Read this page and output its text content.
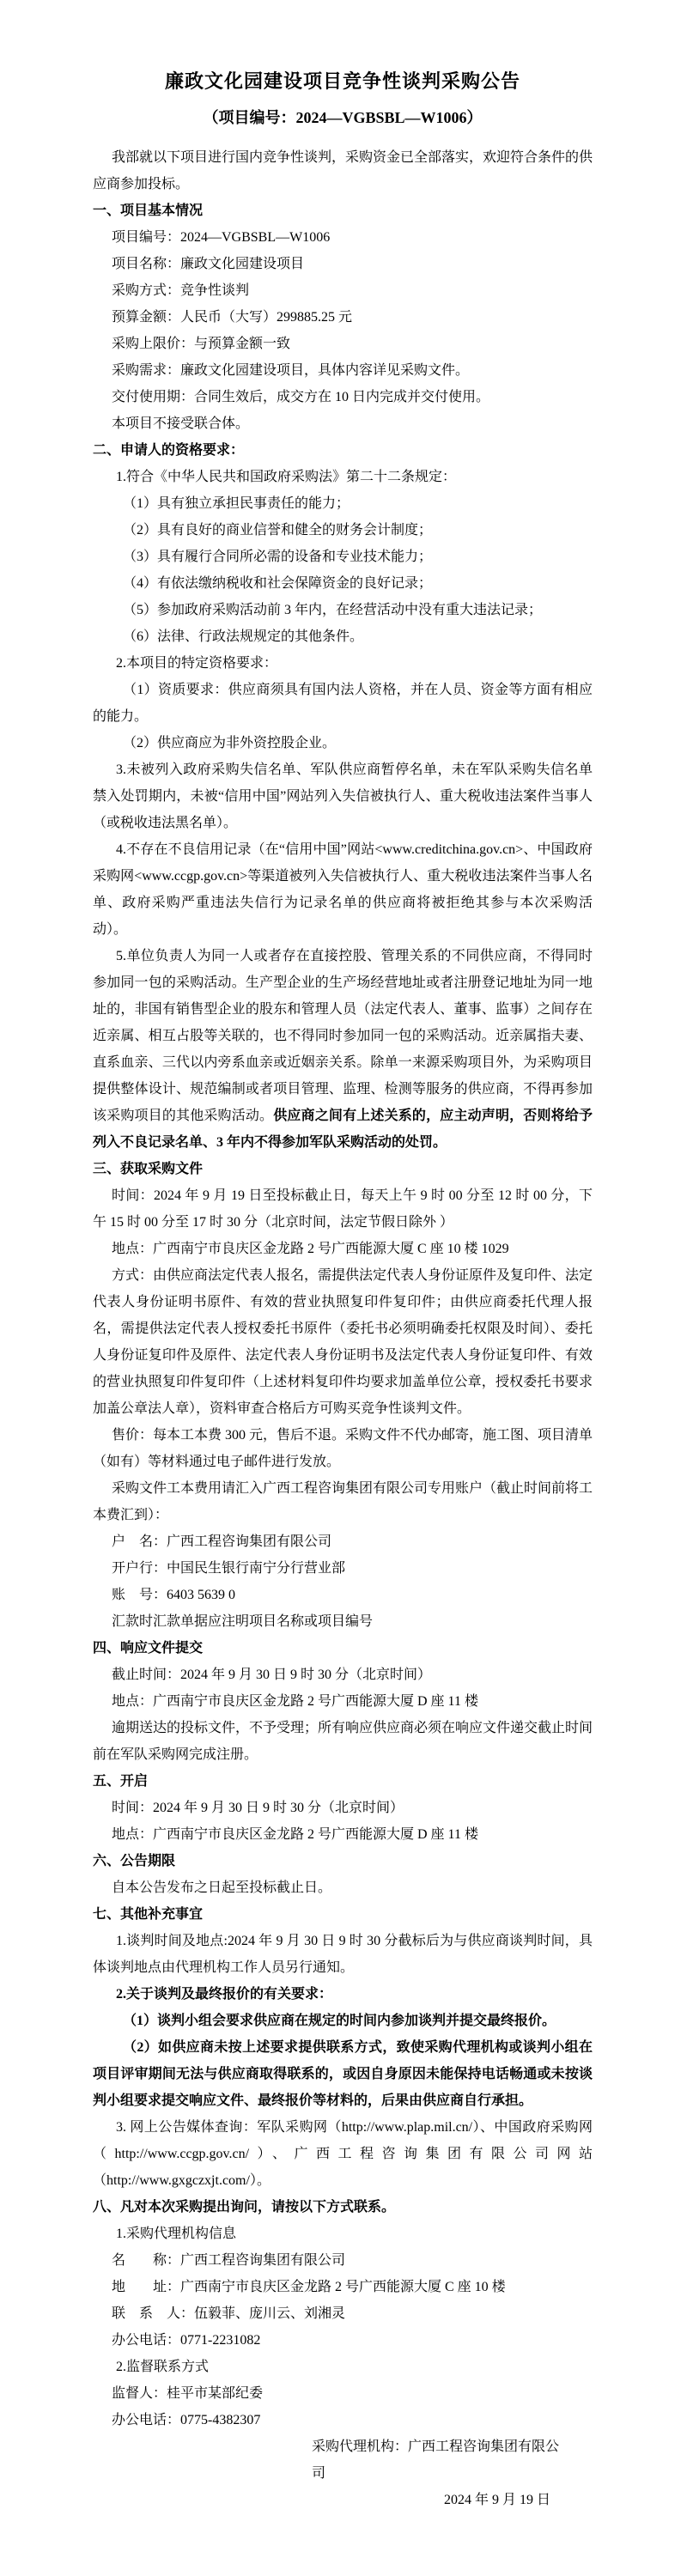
廉政文化园建设项目竞争性谈判采购公告

（项目编号：2024—VGBSBL—W1006）

我部就以下项目进行国内竞争性谈判，采购资金已全部落实，欢迎符合条件的供应商参加投标。

一、项目基本情况

项目编号：2024—VGBSBL—W1006

项目名称：廉政文化园建设项目

采购方式：竞争性谈判

预算金额：人民币（大写）299885.25 元

采购上限价：与预算金额一致

采购需求：廉政文化园建设项目，具体内容详见采购文件。

交付使用期：合同生效后，成交方在 10 日内完成并交付使用。

本项目不接受联合体。

二、申请人的资格要求：

1.符合《中华人民共和国政府采购法》第二十二条规定：

（1）具有独立承担民事责任的能力；

（2）具有良好的商业信誉和健全的财务会计制度；

（3）具有履行合同所必需的设备和专业技术能力；

（4）有依法缴纳税收和社会保障资金的良好记录；

（5）参加政府采购活动前 3 年内，在经营活动中没有重大违法记录；

（6）法律、行政法规规定的其他条件。

2.本项目的特定资格要求：

（1）资质要求：供应商须具有国内法人资格，并在人员、资金等方面有相应的能力。

（2）供应商应为非外资控股企业。

3.未被列入政府采购失信名单、军队供应商暂停名单，未在军队采购失信名单禁入处罚期内，未被“信用中国”网站列入失信被执行人、重大税收违法案件当事人（或税收违法黑名单）。

4.不存在不良信用记录（在“信用中国”网站<www.creditchina.gov.cn>、中国政府采购网<www.ccgp.gov.cn>等渠道被列入失信被执行人、重大税收违法案件当事人名单、政府采购严重违法失信行为记录名单的供应商将被拒绝其参与本次采购活动）。

5.单位负责人为同一人或者存在直接控股、管理关系的不同供应商，不得同时参加同一包的采购活动。生产型企业的生产场经营地址或者注册登记地址为同一地址的，非国有销售型企业的股东和管理人员（法定代表人、董事、监事）之间存在近亲属、相互占股等关联的，也不得同时参加同一包的采购活动。近亲属指夫妻、直系血亲、三代以内旁系血亲或近姻亲关系。除单一来源采购项目外，为采购项目提供整体设计、规范编制或者项目管理、监理、检测等服务的供应商，不得再参加该采购项目的其他采购活动。供应商之间有上述关系的，应主动声明，否则将给予列入不良记录名单、3 年内不得参加军队采购活动的处罚。

三、获取采购文件

时间：2024 年 9 月 19 日至投标截止日，每天上午 9 时 00 分至 12 时 00 分，下午 15 时 00 分至 17 时 30 分（北京时间，法定节假日除外 ）

地点：广西南宁市良庆区金龙路 2 号广西能源大厦 C 座 10 楼 1029

方式：由供应商法定代表人报名，需提供法定代表人身份证原件及复印件、法定代表人身份证明书原件、有效的营业执照复印件复印件；由供应商委托代理人报名，需提供法定代表人授权委托书原件（委托书必须明确委托权限及时间）、委托人身份证复印件及原件、法定代表人身份证明书及法定代表人身份证复印件、有效的营业执照复印件复印件（上述材料复印件均要求加盖单位公章，授权委托书要求加盖公章法人章），资料审查合格后方可购买竞争性谈判文件。

售价：每本工本费 300 元，售后不退。采购文件不代办邮寄，施工图、项目清单（如有）等材料通过电子邮件进行发放。

采购文件工本费用请汇入广西工程咨询集团有限公司专用账户（截止时间前将工本费汇到）：

户　名：广西工程咨询集团有限公司

开户行：中国民生银行南宁分行营业部

账　号：6403 5639 0

汇款时汇款单据应注明项目名称或项目编号

四、响应文件提交

截止时间：2024 年 9 月 30 日 9 时 30 分（北京时间）

地点：广西南宁市良庆区金龙路 2 号广西能源大厦 D 座 11 楼

逾期送达的投标文件，不予受理；所有响应供应商必须在响应文件递交截止时间前在军队采购网完成注册。

五、开启

时间：2024 年 9 月 30 日 9 时 30 分（北京时间）

地点：广西南宁市良庆区金龙路 2 号广西能源大厦 D 座 11 楼

六、公告期限

自本公告发布之日起至投标截止日。

七、其他补充事宜

1.谈判时间及地点:2024 年 9 月 30 日 9 时 30 分截标后为与供应商谈判时间，具体谈判地点由代理机构工作人员另行通知。

2.关于谈判及最终报价的有关要求：

（1）谈判小组会要求供应商在规定的时间内参加谈判并提交最终报价。

（2）如供应商未按上述要求提供联系方式，致使采购代理机构或谈判小组在项目评审期间无法与供应商取得联系的，或因自身原因未能保持电话畅通或未按谈判小组要求提交响应文件、最终报价等材料的，后果由供应商自行承担。

3. 网上公告媒体查询：军队采购网（http://www.plap.mil.cn/）、中国政府采购网（http://www.ccgp.gov.cn/）、广西工程咨询集团有限公司网站（http://www.gxgczxjt.com/）。

八、凡对本次采购提出询问，请按以下方式联系。

1.采购代理机构信息

名　　称：广西工程咨询集团有限公司

地　　址：广西南宁市良庆区金龙路 2 号广西能源大厦 C 座 10 楼

联　系　人：伍毅菲、庞川云、刘湘灵

办公电话：0771-2231082

2.监督联系方式

监督人：桂平市某部纪委

办公电话：0775-4382307

采购代理机构：广西工程咨询集团有限公司

2024 年 9 月 19 日
